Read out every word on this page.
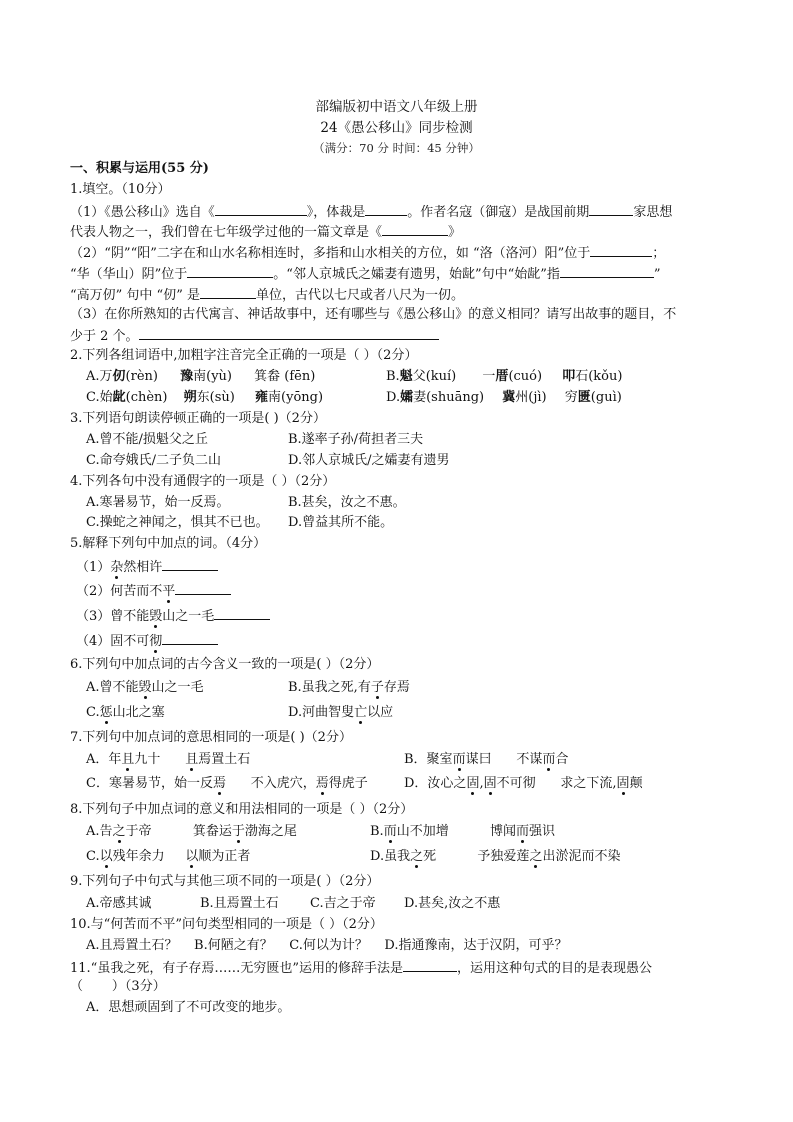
部编版初中语文八年级上册
24《愚公移山》同步检测
（满分：70 分 时间：45 分钟）
一、积累与运用(55 分)
1.填空。（10分）
（1）《愚公移山》选自《	》，体裁是	。作者名寇（御寇）是战国前期	家思想
代表人物之一，我们曾在七年级学过他的一篇文章是《	》
（2）“阴”“阳”二字在和山水名称相连时，多指和山水相关的方位，如 “洛（洛河）阳”位于	；
“华（华山）阴”位于	。“邻人京城氏之孀妻有遗男，始龀”句中“始龀”指	”
“高万仞” 句中 “仞” 是	单位，古代以七尺或者八尺为一仞。
（3）在你所熟知的古代寓言、神话故事中，还有哪些与《愚公移山》的意义相同？请写出故事的题目，不
少于 2 个。
2.下列各组词语中,加粗字注音完全正确的一项是（ ）（2分）
A.万仞(rèn) 豫南(yù) 箕畚 (fēn)	B.魁父(kuí) 一厝(cuó) 叩石(kǒu)
C.始龀(chèn) 朔东(sù) 雍南(yōng)	D.孀妻(shuāng) 冀州(jì) 穷匮(guì)
3.下列语句朗读停顿正确的一项是( )（2分）
A.曾不能/损魁父之丘	B.遂率子孙/荷担者三夫
C.命夸娥氏/二子负二山	D.邻人京城氏/之孀妻有遗男
4.下列各句中没有通假字的一项是（ ）（2分）
A.寒暑易节，始一反焉。	B.甚矣，汝之不惠。
C.操蛇之神闻之，惧其不已也。 D.曾益其所不能。
5.解释下列句中加点的词。（4分）
（1）杂然相许
（2）何苦而不平
（3）曾不能毁山之一毛
（4）固不可彻
6.下列句中加点词的古今含义一致的一项是( ）（2分）
A.曾不能毁山之一毛	B.虽我之死,有子存焉
C.惩山北之塞	D.河曲智叟亡以应
7.下列句中加点词的意思相同的一项是( )（2分）
A．年且九十      且焉置土石	B．聚室而谋曰      不谋而合
C．寒暑易节，始一反焉      不入虎穴，焉得虎子	D．汝心之固,固不可彻      求之下流,固颠
8.下列句子中加点词的意义和用法相同的一项是（ ）（2分）
A.告之于帝          箕畚运于渤海之尾	B.而山不加增          博闻而强识
C.以残年余力     以顺为正者	D.虽我之死          予独爱莲之出淤泥而不染
9.下列句子中句式与其他三项不同的一项是( ）（2分）
A.帝感其诚	B.且焉置土石 C.吉之于帝 D.甚矣,汝之不惠
10.与“何苦而不平”问句类型相同的一项是（ ）（2分）
A.且焉置土石？    B.何陋之有？    C.何以为计？    D.指通豫南，达于汉阴，可乎？
11.“虽我之死，有子存焉……无穷匮也”运用的修辞手法是	，运用这种句式的目的是表现愚公
（       ）（3分）
A．思想顽固到了不可改变的地步。
